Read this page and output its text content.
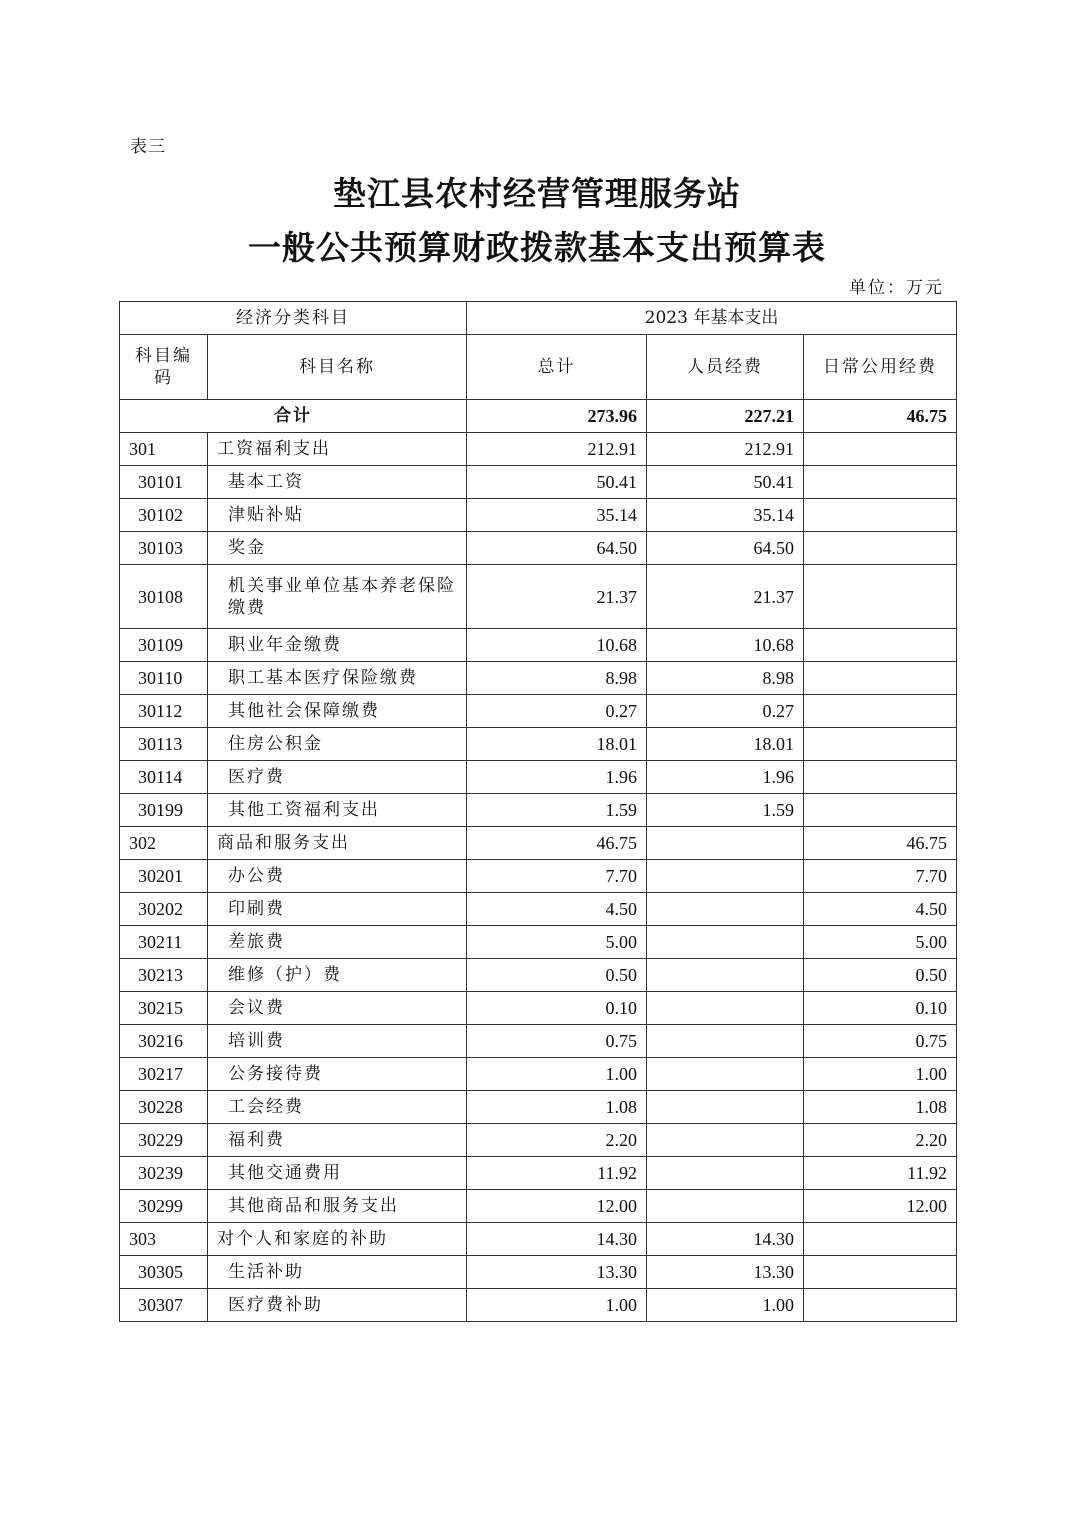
表三
垫江县农村经营管理服务站
一般公共预算财政拨款基本支出预算表
单位：万元
经济分类科目		2023 年基本支出		
科目编码	科目名称	总计	人员经费	日常公用经费
合计		273.96	227.21	46.75
301	工资福利支出	212.91	212.91	
30101	基本工资	50.41	50.41	
30102	津贴补贴	35.14	35.14	
30103	奖金	64.50	64.50	
30108	机关事业单位基本养老保险缴费	21.37	21.37	
30109	职业年金缴费	10.68	10.68	
30110	职工基本医疗保险缴费	8.98	8.98	
30112	其他社会保障缴费	0.27	0.27	
30113	住房公积金	18.01	18.01	
30114	医疗费	1.96	1.96	
30199	其他工资福利支出	1.59	1.59	
302	商品和服务支出	46.75		46.75
30201	办公费	7.70		7.70
30202	印刷费	4.50		4.50
30211	差旅费	5.00		5.00
30213	维修（护）费	0.50		0.50
30215	会议费	0.10		0.10
30216	培训费	0.75		0.75
30217	公务接待费	1.00		1.00
30228	工会经费	1.08		1.08
30229	福利费	2.20		2.20
30239	其他交通费用	11.92		11.92
30299	其他商品和服务支出	12.00		12.00
303	对个人和家庭的补助	14.30	14.30	
30305	生活补助	13.30	13.30	
30307	医疗费补助	1.00	1.00	
